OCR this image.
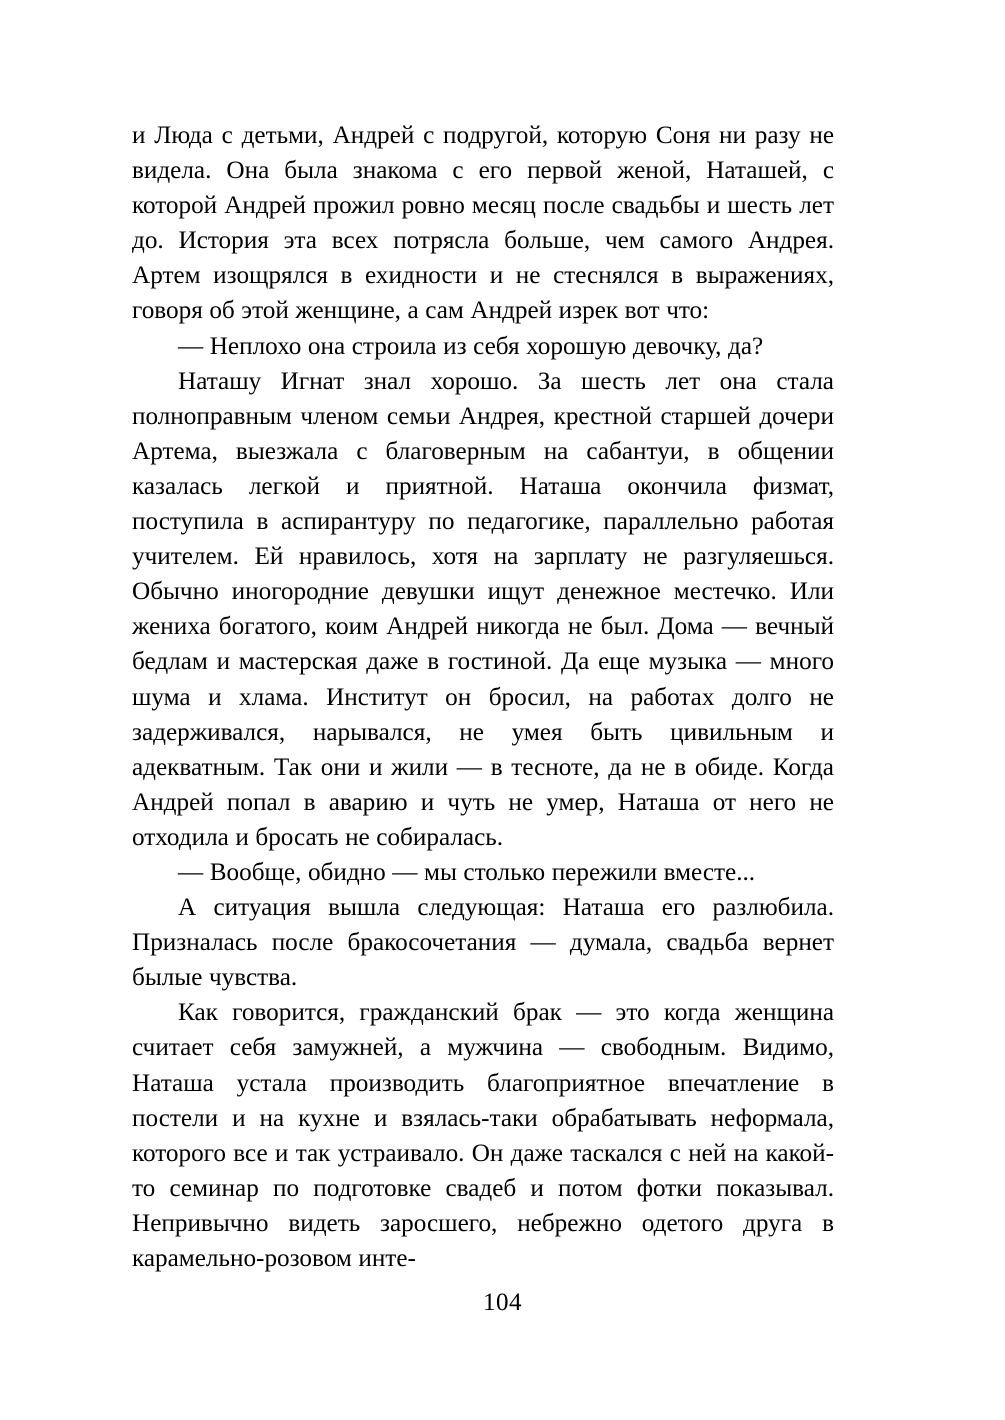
и Люда с детьми, Андрей с подругой, которую Соня ни разу не видела. Она была знакома с его первой женой, Наташей, с которой Андрей прожил ровно месяц после свадьбы и шесть лет до. История эта всех потрясла больше, чем самого Андрея. Артем изощрялся в ехидности и не стеснялся в выражениях, говоря об этой женщине, а сам Андрей изрек вот что:

— Неплохо она строила из себя хорошую девочку, да?

Наташу Игнат знал хорошо. За шесть лет она стала полноправным членом семьи Андрея, крестной старшей дочери Артема, выезжала с благоверным на сабантуи, в общении казалась легкой и приятной. Наташа окончила физмат, поступила в аспирантуру по педагогике, параллельно работая учителем. Ей нравилось, хотя на зарплату не разгуляешься. Обычно иногородние девушки ищут денежное местечко. Или жениха богатого, коим Андрей никогда не был. Дома — вечный бедлам и мастерская даже в гостиной. Да еще музыка — много шума и хлама. Институт он бросил, на работах долго не задерживался, нарывался, не умея быть цивильным и адекватным. Так они и жили — в тесноте, да не в обиде. Когда Андрей попал в аварию и чуть не умер, Наташа от него не отходила и бросать не собиралась.

— Вообще, обидно — мы столько пережили вместе...

А ситуация вышла следующая: Наташа его разлюбила. Призналась после бракосочетания — думала, свадьба вернет былые чувства.

Как говорится, гражданский брак — это когда женщина считает себя замужней, а мужчина — свободным. Видимо, Наташа устала производить благоприятное впечатление в постели и на кухне и взялась-таки обрабатывать неформала, которого все и так устраивало. Он даже таскался с ней на какой-то семинар по подготовке свадеб и потом фотки показывал. Непривычно видеть заросшего, небрежно одетого друга в карамельно-розовом инте-

104
